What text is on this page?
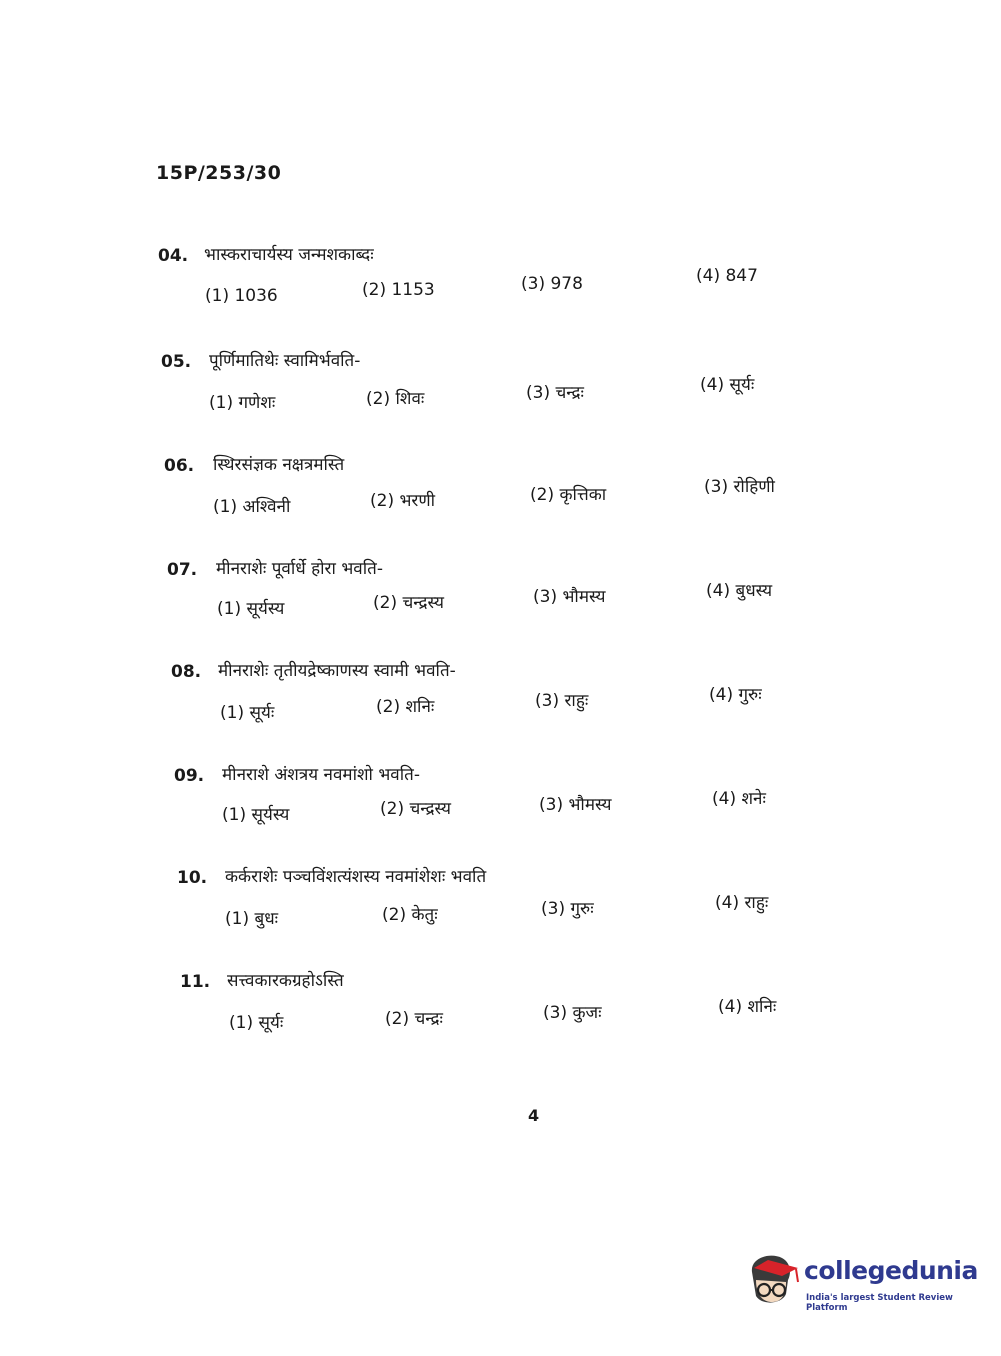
15P/253/30
04. भास्कराचार्यस्य जन्मशकाब्दः
(1) 1036	(2) 1153	(3) 978	(4) 847
05. पूर्णिमातिथेः स्वामिर्भवति-
(1) गणेशः	(2) शिवः	(3) चन्द्रः	(4) सूर्यः
06. स्थिरसंज्ञक नक्षत्रमस्ति
(1) अश्विनी	(2) भरणी	(2) कृत्तिका	(3) रोहिणी
07. मीनराशेः पूर्वार्धे होरा भवति-
(1) सूर्यस्य	(2) चन्द्रस्य	(3) भौमस्य	(4) बुधस्य
08. मीनराशेः तृतीयद्रेष्काणस्य स्वामी भवति-
(1) सूर्यः	(2) शनिः	(3) राहुः	(4) गुरुः
09. मीनराशे अंशत्रय नवमांशो भवति-
(1) सूर्यस्य	(2) चन्द्रस्य	(3) भौमस्य	(4) शनेः
10. कर्कराशेः पञ्चविंशत्यंशस्य नवमांशेशः भवति
(1) बुधः	(2) केतुः	(3) गुरुः	(4) राहुः
11. सत्त्वकारकग्रहोऽस्ति
(1) सूर्यः	(2) चन्द्रः	(3) कुजः	(4) शनिः
4
collegedunia
India's largest Student Review Platform
